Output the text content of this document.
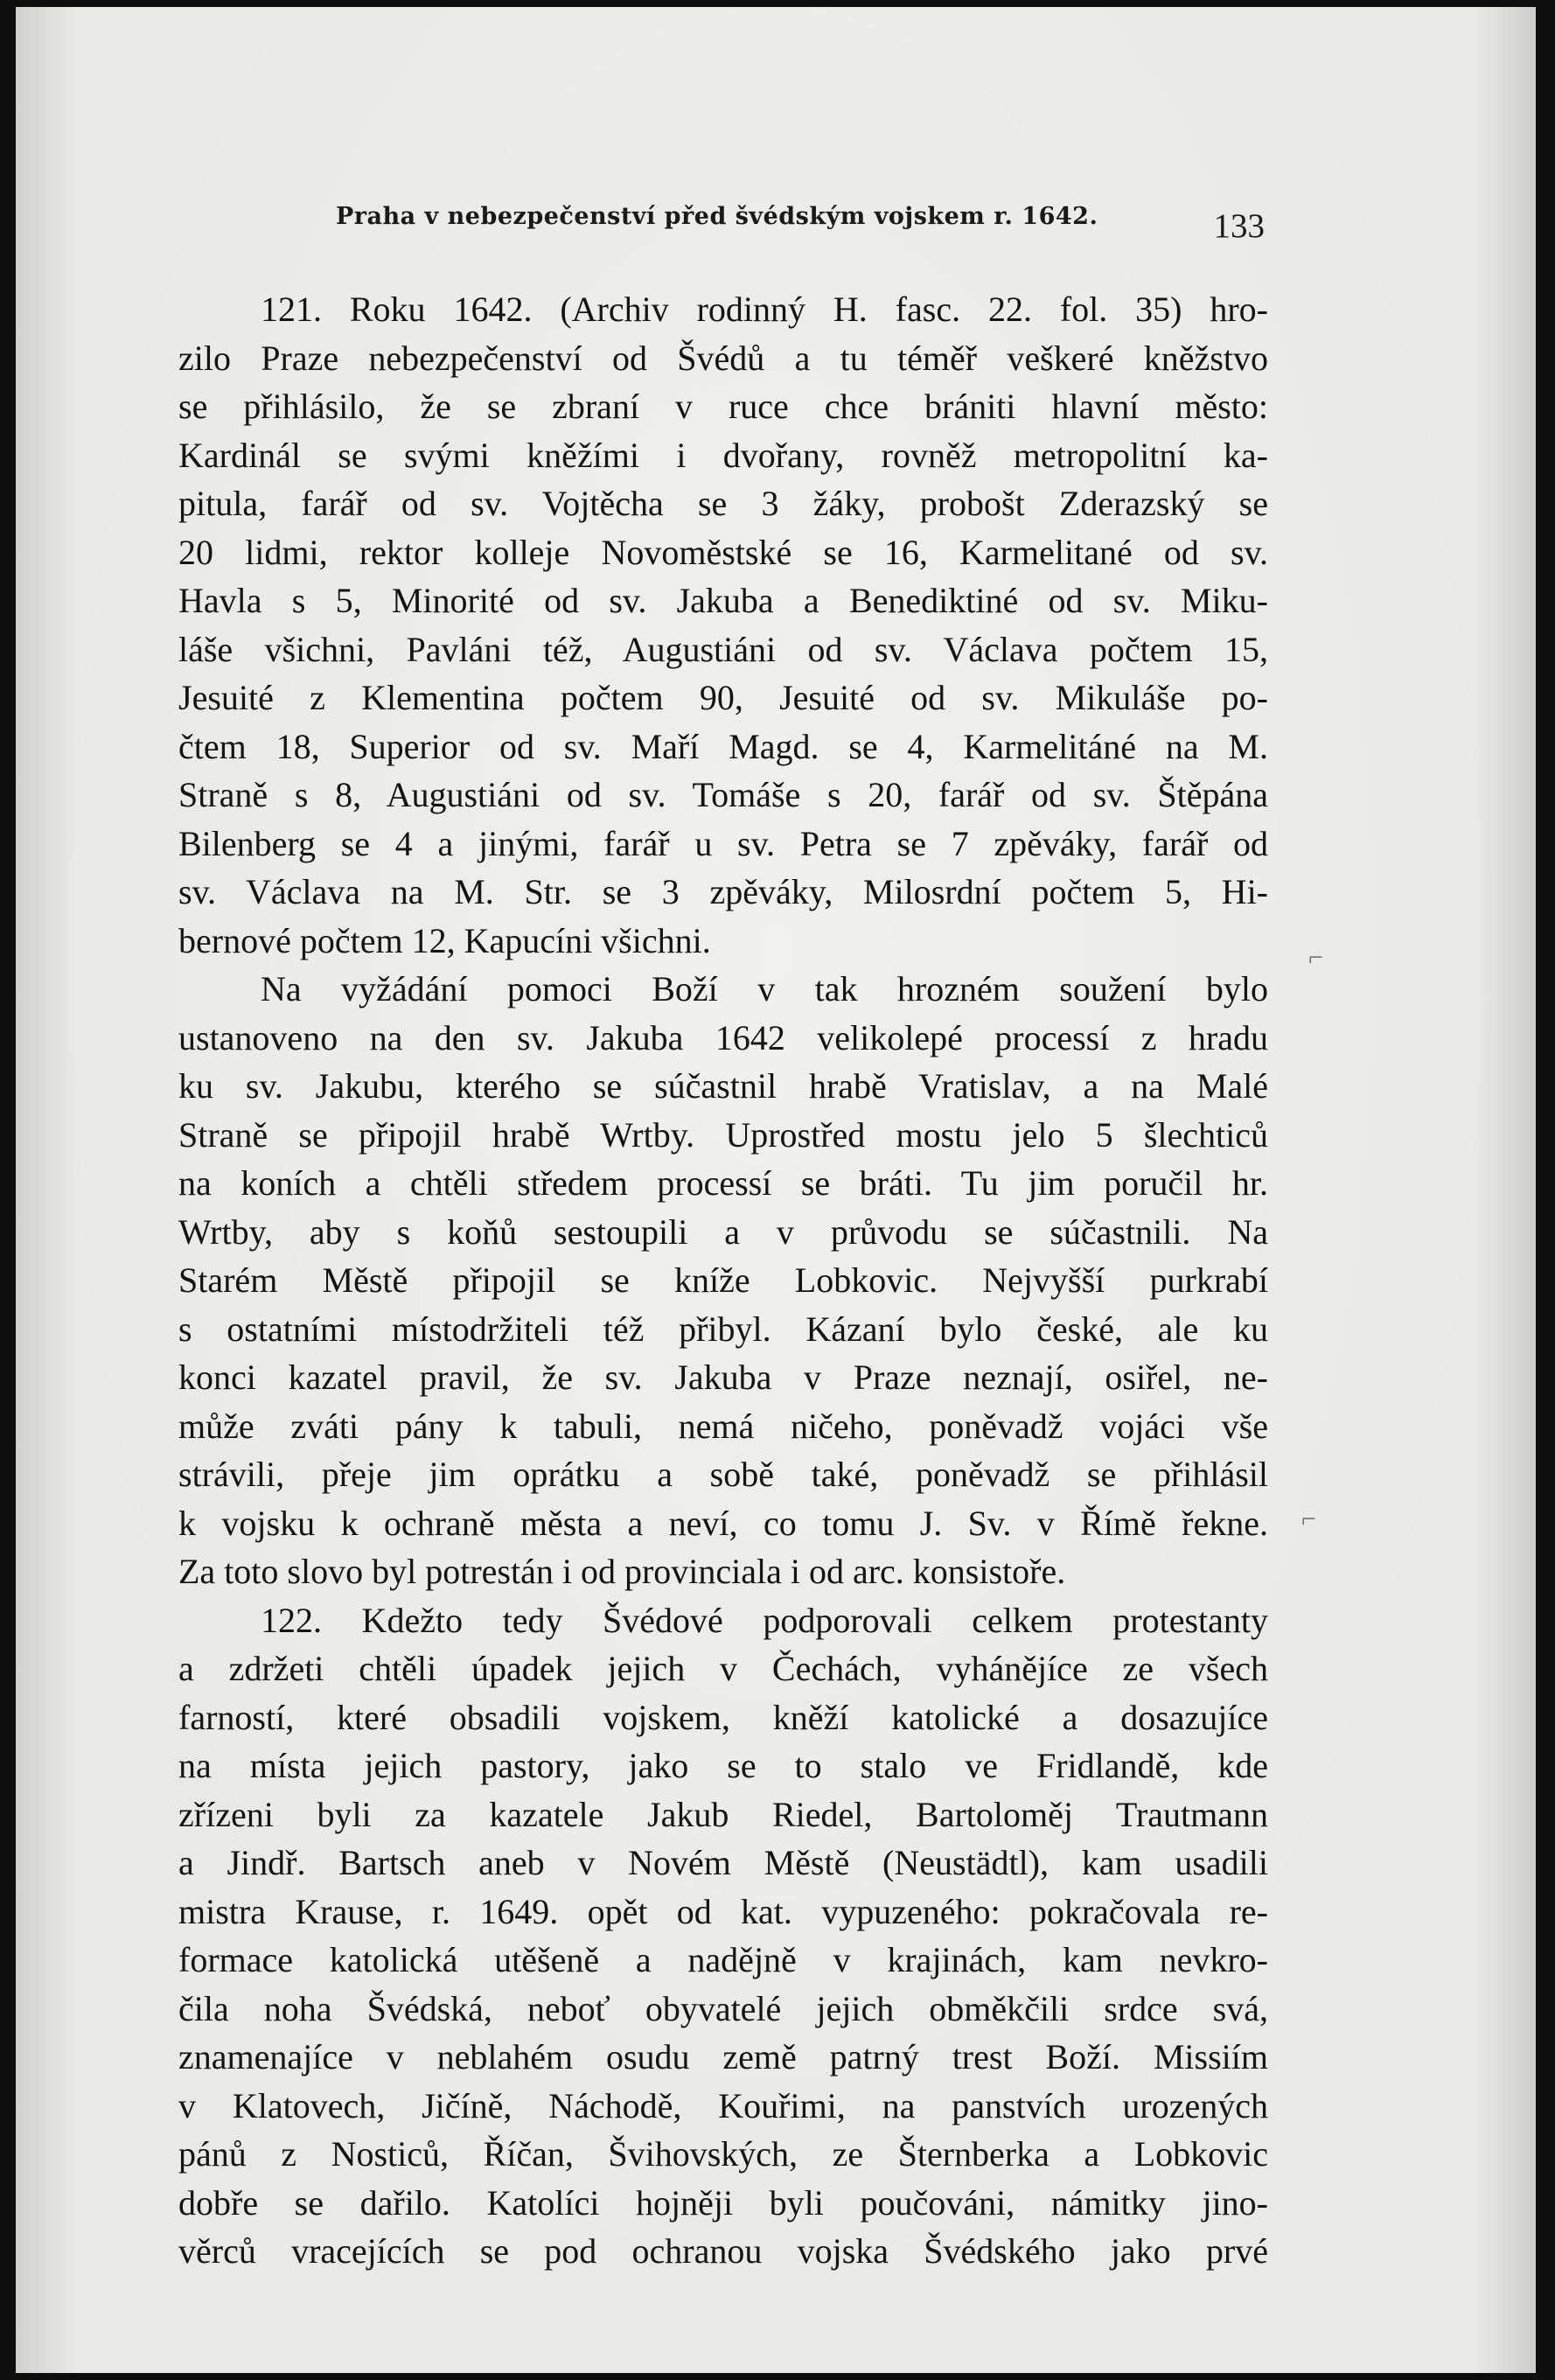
Praha v nebezpečenství před švédským vojskem r. 1642.	133
121. Roku 1642. (Archiv rodinný H. fasc. 22. fol. 35) hro-
zilo Praze nebezpečenství od Švédů a tu téměř veškeré kněžstvo
se přihlásilo, že se zbraní v ruce chce brániti hlavní město:
Kardinál se svými kněžími i dvořany, rovněž metropolitní ka-
pitula, farář od sv. Vojtěcha se 3 žáky, probošt Zderazský se
20 lidmi, rektor kolleje Novoměstské se 16, Karmelitané od sv.
Havla s 5, Minorité od sv. Jakuba a Benediktiné od sv. Miku-
láše všichni, Pavláni též, Augustiáni od sv. Václava počtem 15,
Jesuité z Klementina počtem 90, Jesuité od sv. Mikuláše po-
čtem 18, Superior od sv. Maří Magd. se 4, Karmelitáné na M.
Straně s 8, Augustiáni od sv. Tomáše s 20, farář od sv. Štěpána
Bilenberg se 4 a jinými, farář u sv. Petra se 7 zpěváky, farář od
sv. Václava na M. Str. se 3 zpěváky, Milosrdní počtem 5, Hi-
bernové počtem 12, Kapucíni všichni.
Na vyžádání pomoci Boží v tak hrozném soužení bylo
ustanoveno na den sv. Jakuba 1642 velikolepé processí z hradu
ku sv. Jakubu, kterého se súčastnil hrabě Vratislav, a na Malé
Straně se připojil hrabě Wrtby. Uprostřed mostu jelo 5 šlechticů
na koních a chtěli středem processí se bráti. Tu jim poručil hr.
Wrtby, aby s koňů sestoupili a v průvodu se súčastnili. Na
Starém Městě připojil se kníže Lobkovic. Nejvyšší purkrabí
s ostatními místodržiteli též přibyl. Kázaní bylo české, ale ku
konci kazatel pravil, že sv. Jakuba v Praze neznají, osiřel, ne-
může zváti pány k tabuli, nemá ničeho, poněvadž vojáci vše
strávili, přeje jim oprátku a sobě také, poněvadž se přihlásil
k vojsku k ochraně města a neví, co tomu J. Sv. v Římě řekne.
Za toto slovo byl potrestán i od provinciala i od arc. konsistoře.
122. Kdežto tedy Švédové podporovali celkem protestanty
a zdržeti chtěli úpadek jejich v Čechách, vyhánějíce ze všech
farností, které obsadili vojskem, kněží katolické a dosazujíce
na místa jejich pastory, jako se to stalo ve Fridlandě, kde
zřízeni byli za kazatele Jakub Riedel, Bartoloměj Trautmann
a Jindř. Bartsch aneb v Novém Městě (Neustädtl), kam usadili
mistra Krause, r. 1649. opět od kat. vypuzeného: pokračovala re-
formace katolická utěšeně a nadějně v krajinách, kam nevkro-
čila noha Švédská, neboť obyvatelé jejich obměkčili srdce svá,
znamenajíce v neblahém osudu země patrný trest Boží. Missiím
v Klatovech, Jičíně, Náchodě, Kouřimi, na panstvích urozených
pánů z Nosticů, Říčan, Švihovských, ze Šternberka a Lobkovic
dobře se dařilo. Katolíci hojněji byli poučováni, námitky jino-
věrců vracejících se pod ochranou vojska Švédského jako prvé
⌐
⌐
